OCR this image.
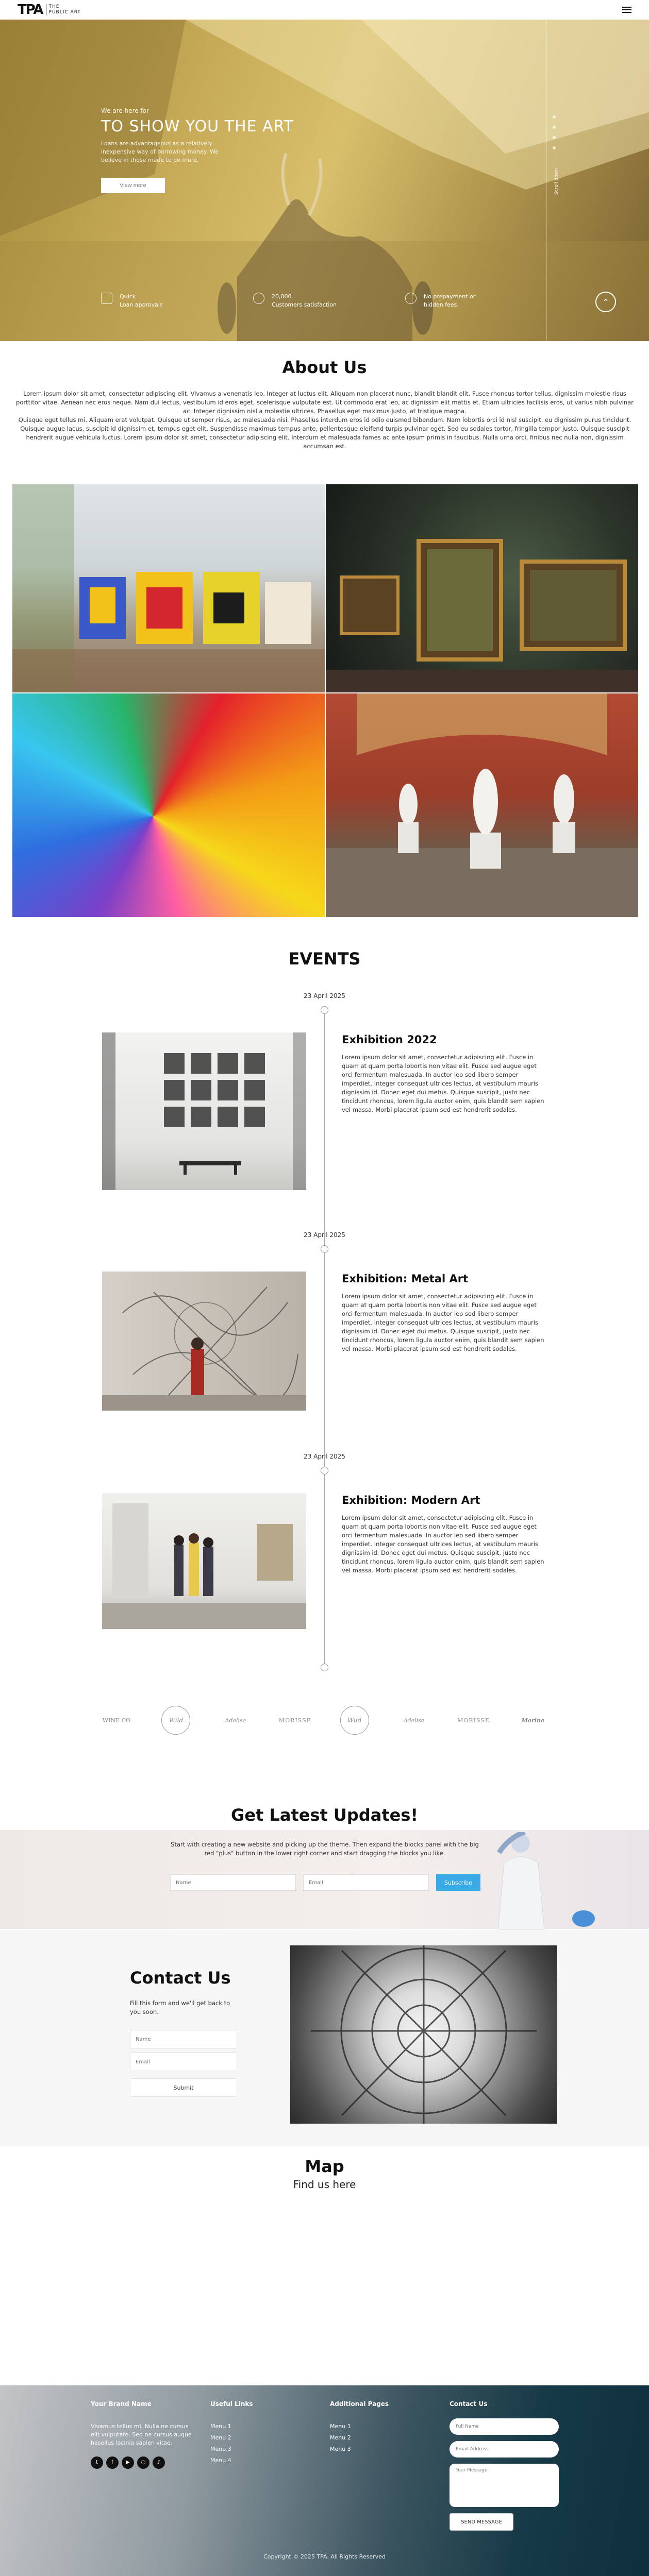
TPA	THE
PUBLIC ART
We are here for
TO SHOW YOU THE ART

Loans are advantageous as a relatively inexpensive way of borrowing money. We believe in those made to do more.

View more	Scroll down
Quick
Loan approvals
20,000
Customers satisfaction
No prepayment or
hidden fees.	⌃
About Us

Lorem ipsum dolor sit amet, consectetur adipiscing elit. Vivamus a venenatis leo. Integer at luctus elit. Aliquam non placerat nunc, blandit blandit elit. Fusce rhoncus tortor tellus, dignissim molestie risus porttitor vitae. Aenean nec eros neque. Nam dui lectus, vestibulum id eros eget, scelerisque vulputate est. Ut commodo erat leo, ac dignissim elit mattis et. Etiam ultricies facilisis eros, ut varius nibh pulvinar ac. Integer dignissim nisl a molestie ultrices. Phasellus eget maximus justo, at tristique magna.

Quisque eget tellus mi. Aliquam erat volutpat. Quisque ut semper risus, ac malesuada nisi. Phasellus interdum eros id odio euismod bibendum. Nam lobortis orci id nisl suscipit, eu dignissim purus tincidunt. Quisque augue lacus, suscipit id dignissim et, tempus eget elit. Suspendisse maximus tempus ante, pellentesque eleifend turpis pulvinar eget. Sed eu sodales tortor, fringilla tempor justo. Quisque suscipit hendrerit augue vehicula luctus. Lorem ipsum dolor sit amet, consectetur adipiscing elit. Interdum et malesuada fames ac ante ipsum primis in faucibus. Nulla urna orci, finibus nec nulla non, dignissim accumsan est.

EVENTS
23 April 2025
Exhibition 2022

Lorem ipsum dolor sit amet, consectetur adipiscing elit. Fusce in quam at quam porta lobortis non vitae elit. Fusce sed augue eget orci fermentum malesuada. In auctor leo sed libero semper imperdiet. Integer consequat ultrices lectus, at vestibulum mauris dignissim id. Donec eget dui metus. Quisque suscipit, justo nec tincidunt rhoncus, lorem ligula auctor enim, quis blandit sem sapien vel massa. Morbi placerat ipsum sed est hendrerit sodales.

23 April 2025
Exhibition: Metal Art

Lorem ipsum dolor sit amet, consectetur adipiscing elit. Fusce in quam at quam porta lobortis non vitae elit. Fusce sed augue eget orci fermentum malesuada. In auctor leo sed libero semper imperdiet. Integer consequat ultrices lectus, at vestibulum mauris dignissim id. Donec eget dui metus. Quisque suscipit, justo nec tincidunt rhoncus, lorem ligula auctor enim, quis blandit sem sapien vel massa. Morbi placerat ipsum sed est hendrerit sodales.

23 April 2025
Exhibition: Modern Art

Lorem ipsum dolor sit amet, consectetur adipiscing elit. Fusce in quam at quam porta lobortis non vitae elit. Fusce sed augue eget orci fermentum malesuada. In auctor leo sed libero semper imperdiet. Integer consequat ultrices lectus, at vestibulum mauris dignissim id. Donec eget dui metus. Quisque suscipit, justo nec tincidunt rhoncus, lorem ligula auctor enim, quis blandit sem sapien vel massa. Morbi placerat ipsum sed est hendrerit sodales.

WINE CO	Wild	Adelise	MORISSE	Wild	Adelise	MORISSE	Marina
Get Latest Updates!

Start with creating a new website and picking up the theme. Then expand the blocks panel with the big red "plus" button in the lower right corner and start dragging the blocks you like.

Name
Email
Subscribe
Contact Us

Fill this form and we'll get back to you soon.

Name
Email
Submit
Map
Find us here
Your Brand Name

Vivamus tellus mi. Nulla ne cursus elit vulputate. Sed ne cursus augue hasellus lacinia sapien vitae.

t	f	▶	○	♪
Useful Links
Menu 1
Menu 2
Menu 3
Menu 4
Additional Pages
Menu 1
Menu 2
Menu 3
Contact Us
Full Name
Email Address
Your Message SEND MESSAGE
Copyright © 2025 TPA. All Rights Reserved
